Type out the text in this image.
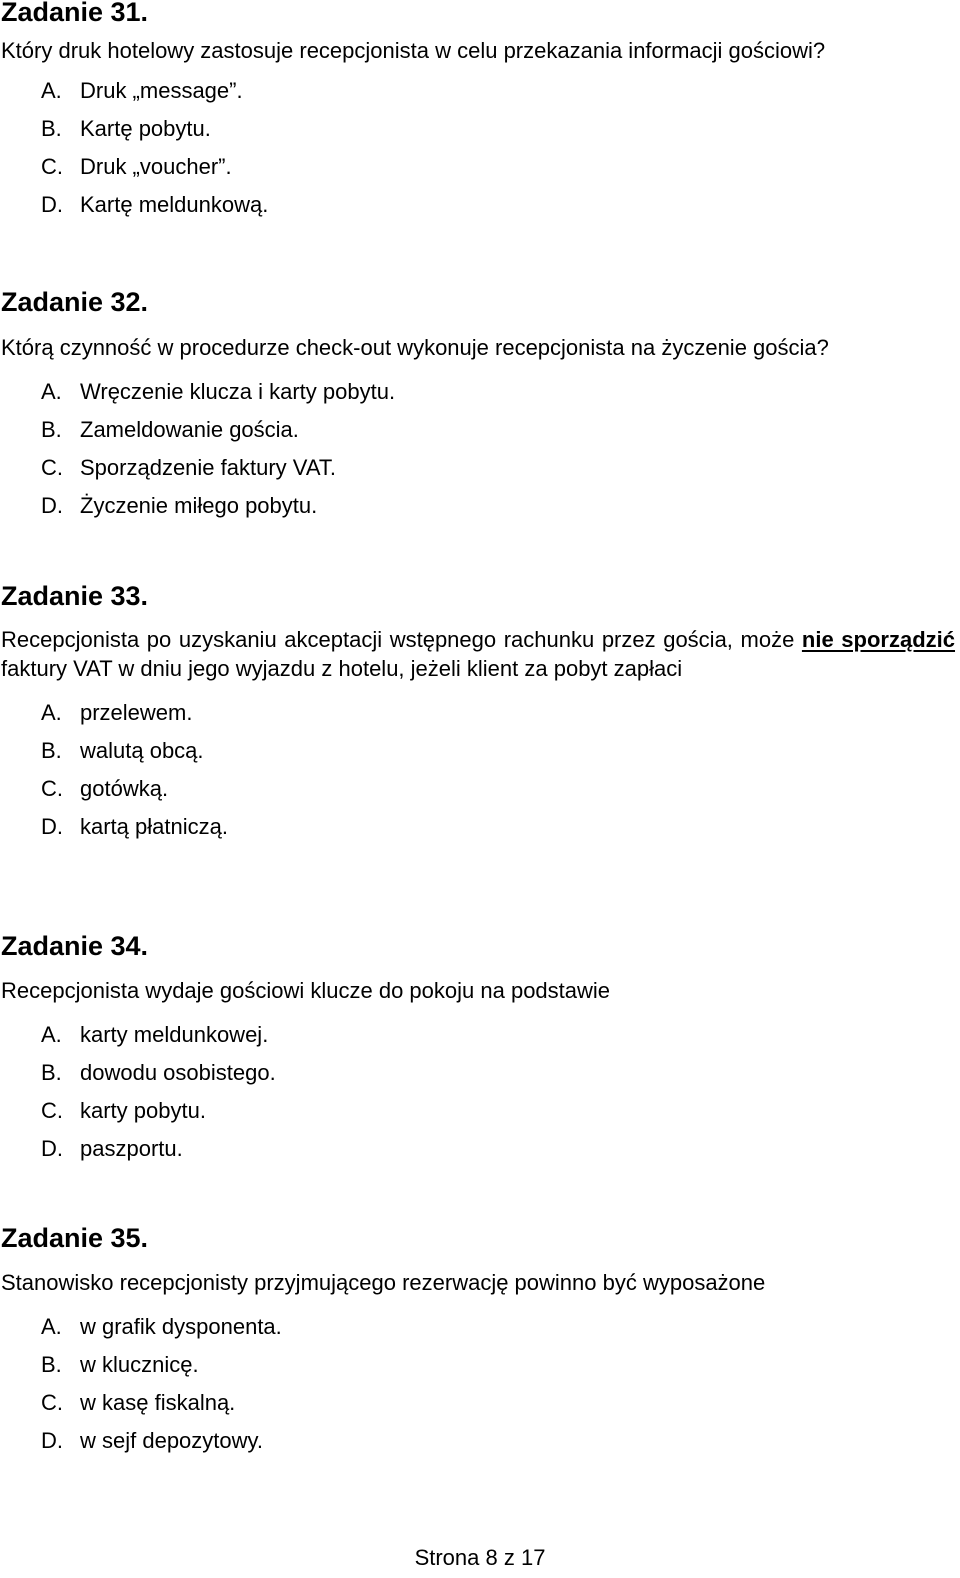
Zadanie 31.

Który druk hotelowy zastosuje recepcjonista w celu przekazania informacji gościowi?

A. Druk „message”.
B. Kartę pobytu.
C. Druk „voucher”.
D. Kartę meldunkową.
Zadanie 32.

Którą czynność w procedurze check-out wykonuje recepcjonista na życzenie gościa?

A. Wręczenie klucza i karty pobytu.
B. Zameldowanie gościa.
C. Sporządzenie faktury VAT.
D. Życzenie miłego pobytu.
Zadanie 33.

Recepcjonista po uzyskaniu akceptacji wstępnego rachunku przez gościa, może nie sporządzić faktury VAT w dniu jego wyjazdu z hotelu, jeżeli klient za pobyt zapłaci

A. przelewem.
B. walutą obcą.
C. gotówką.
D. kartą płatniczą.
Zadanie 34.

Recepcjonista wydaje gościowi klucze do pokoju na podstawie

A. karty meldunkowej.
B. dowodu osobistego.
C. karty pobytu.
D. paszportu.
Zadanie 35.

Stanowisko recepcjonisty przyjmującego rezerwację powinno być wyposażone

A. w grafik dysponenta.
B. w klucznicę.
C. w kasę fiskalną.
D. w sejf depozytowy.
Strona 8 z 17
